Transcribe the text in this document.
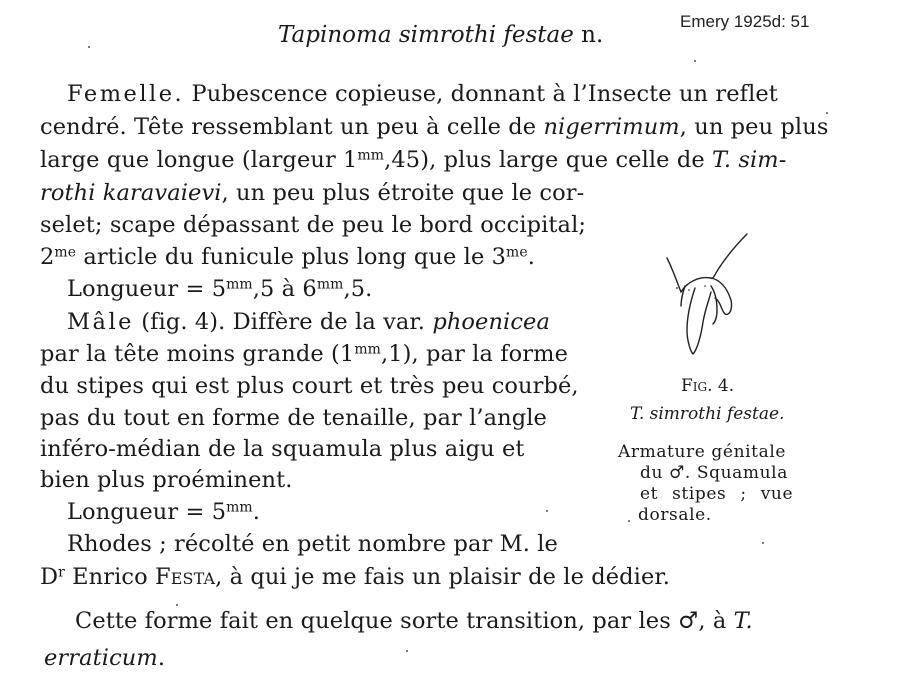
Emery 1925d: 51
Tapinoma simrothi festae n.
Femelle. Pubescence copieuse, donnant à l’Insecte un reflet
cendré. Tête ressemblant un peu à celle de nigerrimum, un peu plus
large que longue (largeur $1^{mm},45$), plus large que celle de T. sim-
rothi karavaievi, un peu plus étroite que le cor-
selet; scape dépassant de peu le bord occipital;
$2^{me}$ article du funicule plus long que le $3^{me}$.
Longueur = $5^{mm},5$ à $6^{mm},5$.
Mâle (fig. 4). Diffère de la var. phoenicea
par la tête moins grande $(1^{mm},1)$, par la forme
du stipes qui est plus court et très peu courbé,
pas du tout en forme de tenaille, par l’angle
inféro-médian de la squamula plus aigu et
bien plus proéminent.
Longueur = $5^{mm}$.
Rhodes ; récolté en petit nombre par M. le
$D^r$ Enrico Festa, à qui je me fais un plaisir de le dédier.
Cette forme fait en quelque sorte transition, par les ♂, à T.
erraticum.
Fig. 4.
T. simrothi festae.
Armature génitale
du ♂. Squamula
et stipes ; vue
dorsale.
